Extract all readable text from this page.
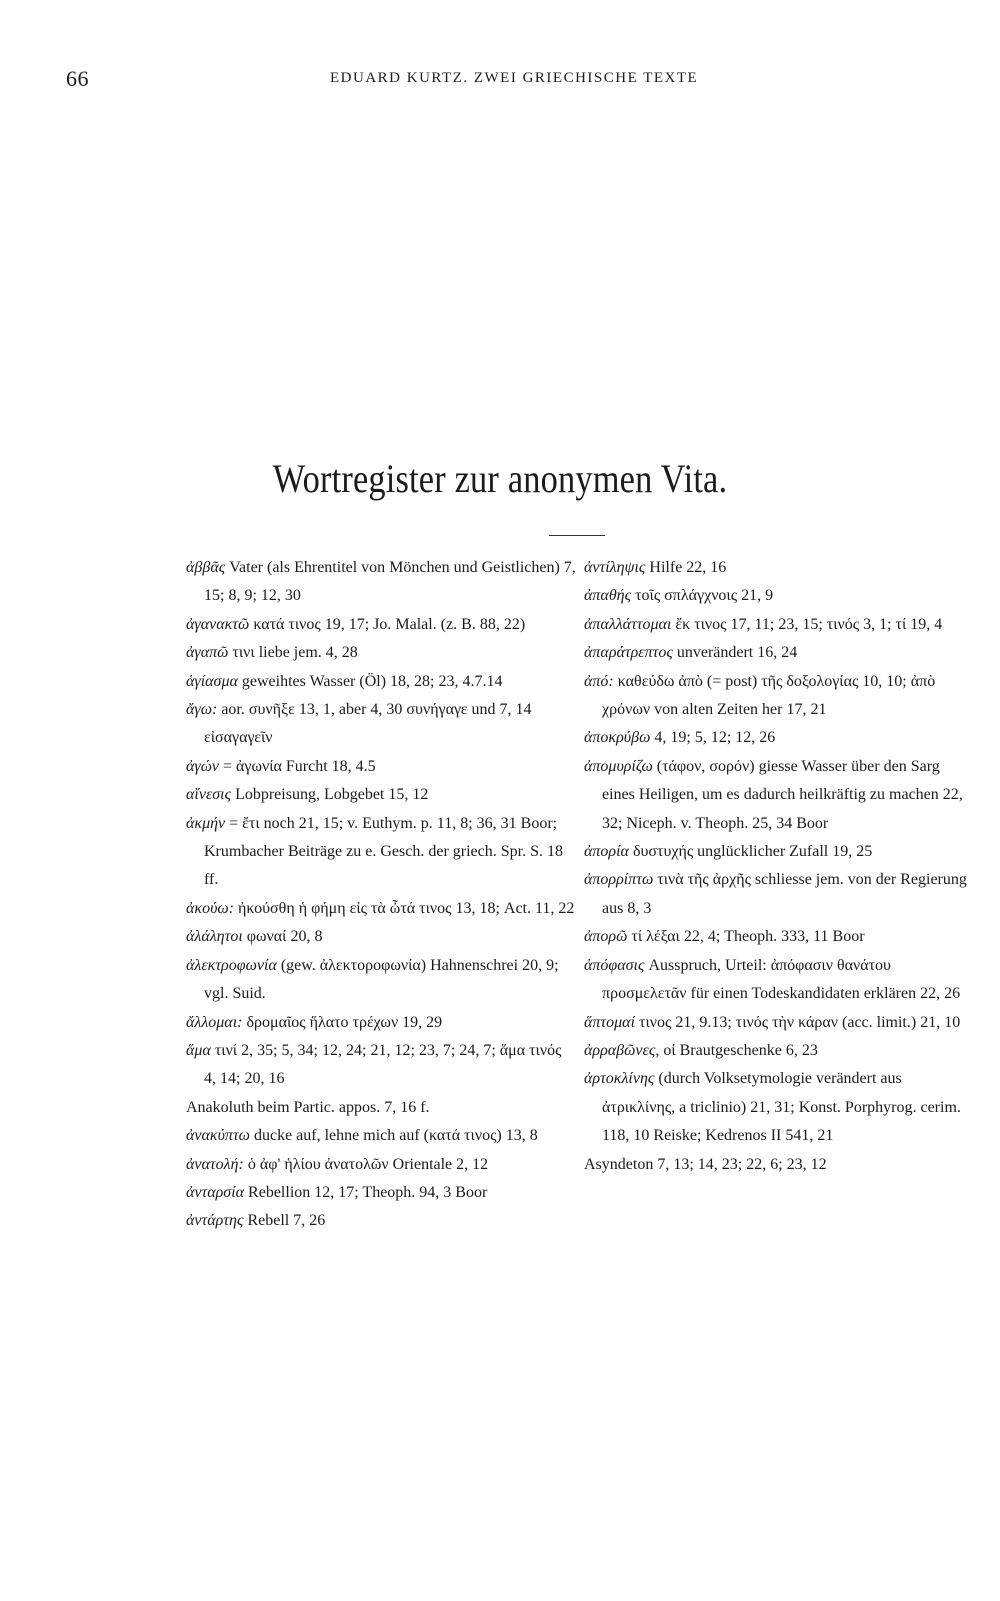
66	EDUARD KURTZ. ZWEI GRIECHISCHE TEXTE
Wortregister zur anonymen Vita.

ἀββᾶς Vater (als Ehrentitel von Mönchen und Geistlichen) 7, 15; 8, 9; 12, 30

ἀγανακτῶ κατά τινος 19, 17; Jo. Malal. (z. B. 88, 22)

ἀγαπῶ τινι liebe jem. 4, 28

ἁγίασμα geweihtes Wasser (Öl) 18, 28; 23, 4.7.14

ἄγω: aor. συνῆξε 13, 1, aber 4, 30 συνήγαγε und 7, 14 εἰσαγαγεῖν

ἀγών = ἀγωνία Furcht 18, 4.5

αἴνεσις Lobpreisung, Lobgebet 15, 12

ἀκμήν = ἔτι noch 21, 15; v. Euthym. p. 11, 8; 36, 31 Boor; Krumbacher Beiträge zu e. Gesch. der griech. Spr. S. 18 ff.

ἀκούω: ἠκούσθη ἡ φήμη εἰς τὰ ὦτά τινος 13, 18; Act. 11, 22

ἀλάλητοι φωναί 20, 8

ἀλεκτροφωνία (gew. ἀλεκτοροφωνία) Hahnenschrei 20, 9; vgl. Suid.

ἄλλομαι: δρομαῖος ἥλατο τρέχων 19, 29

ἅμα τινί 2, 35; 5, 34; 12, 24; 21, 12; 23, 7; 24, 7; ἅμα τινός 4, 14; 20, 16

Anakoluth beim Partic. appos. 7, 16 f.

ἀνακύπτω ducke auf, lehne mich auf (κατά τινος) 13, 8

ἀνατολή: ὁ ἀφ' ἡλίου ἀνατολῶν Orientale 2, 12

ἀνταρσία Rebellion 12, 17; Theoph. 94, 3 Boor

ἀντάρτης Rebell 7, 26

ἀντίληψις Hilfe 22, 16

ἀπαθής τοῖς σπλάγχνοις 21, 9

ἀπαλλάττομαι ἔκ τινος 17, 11; 23, 15; τινός 3, 1; τί 19, 4

ἀπαράτρεπτος unverändert 16, 24

ἀπό: καθεύδω ἀπὸ (= post) τῆς δοξολογίας 10, 10; ἀπὸ χρόνων von alten Zeiten her 17, 21

ἀποκρύβω 4, 19; 5, 12; 12, 26

ἀπομυρίζω (τάφον, σορόν) giesse Wasser über den Sarg eines Heiligen, um es dadurch heilkräftig zu machen 22, 32; Niceph. v. Theoph. 25, 34 Boor

ἀπορία δυστυχής unglücklicher Zufall 19, 25

ἀπορρίπτω τινὰ τῆς ἀρχῆς schliesse jem. von der Regierung aus 8, 3

ἀπορῶ τί λέξαι 22, 4; Theoph. 333, 11 Boor

ἀπόφασις Ausspruch, Urteil: ἀπόφασιν θανάτου προσμελετᾶν für einen Todeskandidaten erklären 22, 26

ἅπτομαί τινος 21, 9.13; τινός τὴν κάραν (acc. limit.) 21, 10

ἀρραβῶνες, οἱ Brautgeschenke 6, 23

ἀρτοκλίνης (durch Volksetymologie verändert aus ἀτρικλίνης, a triclinio) 21, 31; Konst. Porphyrog. cerim. 118, 10 Reiske; Kedrenos II 541, 21

Asyndeton 7, 13; 14, 23; 22, 6; 23, 12
